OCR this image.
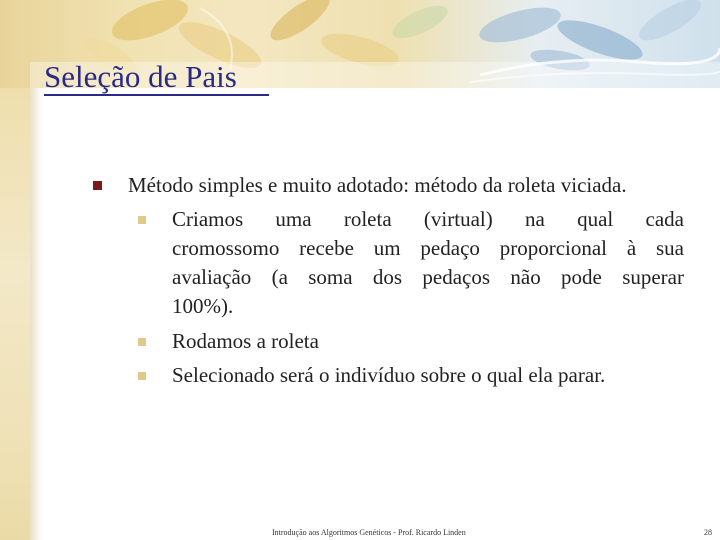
Seleção de Pais
Método simples e muito adotado: método da roleta viciada.
Criamos uma roleta (virtual) na qual cada
cromossomo recebe um pedaço proporcional à sua
avaliação (a soma dos pedaços não pode superar
100%).
Rodamos a roleta
Selecionado será o indivíduo sobre o qual ela parar.
Introdução aos Algoritmos Genéticos - Prof. Ricardo Linden	28
